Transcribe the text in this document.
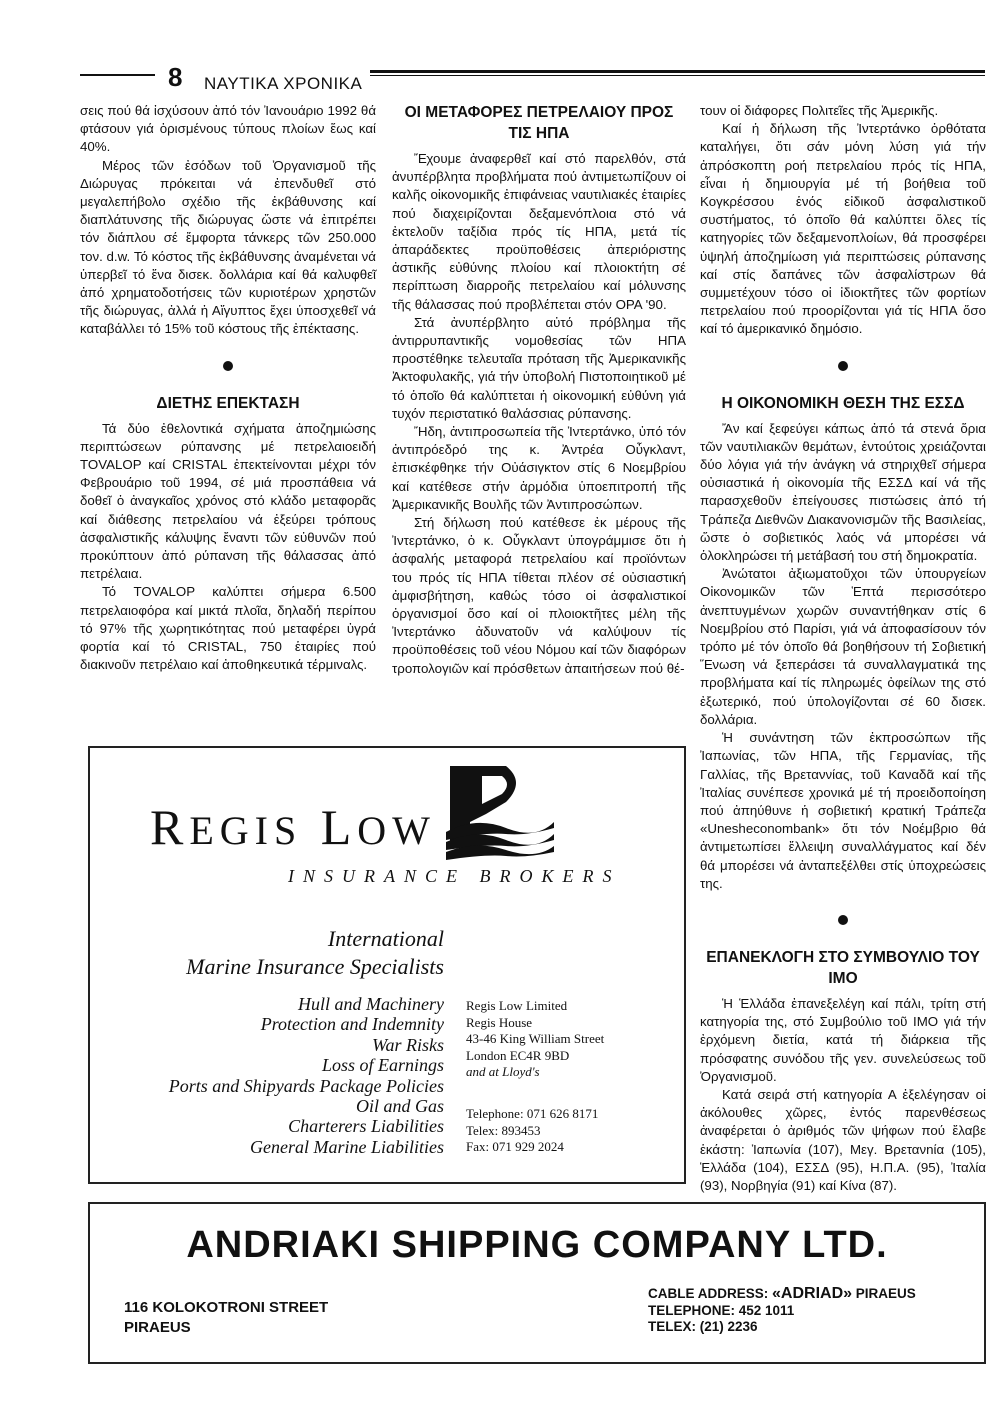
8 ΝΑΥΤΙΚΑ ΧΡΟΝΙΚΑ

σεις πού θά ἰσχύσουν ἀπό τόν Ἰανουάριο 1992 θά φτάσουν γιά ὁρισμένους τύπους πλοίων ἕως καί 40%.

Μέρος τῶν ἐσόδων τοῦ Ὀργανισμοῦ τῆς Διώρυγας πρόκειται νά ἐπενδυθεῖ στό μεγαλεπήβολο σχέδιο τῆς ἐκβάθυνσης καί διαπλάτυνσης τῆς διώρυγας ὥστε νά ἐπιτρέπει τόν διάπλου σέ ἔμφορτα τάνκερς τῶν 250.000 τον. d.w. Τό κόστος τῆς ἐκβάθυνσης ἀναμένεται νά ὑπερβεῖ τό ἕνα δισεκ. δολλάρια καί θά καλυφθεῖ ἀπό χρηματοδοτήσεις τῶν κυριοτέρων χρηστῶν τῆς διώρυγας, ἀλλά ἡ Αἴγυπτος ἔχει ὑποσχεθεῖ νά καταβάλλει τό 15% τοῦ κόστους τῆς ἐπέκτασης.

ΔΙΕΤΗΣ ΕΠΕΚΤΑΣΗ

Τά δύο ἐθελοντικά σχήματα ἀποζημιώσης περιπτώσεων ρύπανσης μέ πετρελαιοειδή TOVALOP καί CRISTAL ἐπεκτείνονται μέχρι τόν Φεβρουάριο τοῦ 1994, σέ μιά προσπάθεια νά δοθεῖ ὁ ἀναγκαῖος χρόνος στό κλάδο μεταφορᾶς καί διάθεσης πετρελαίου νά ἐξεύρει τρόπους ἀσφαλιστικῆς κάλυψης ἔναντι τῶν εὐθυνῶν πού προκύπτουν ἀπό ρύπανση τῆς θάλασσας ἀπό πετρέλαια.

Τό TOVALOP καλύπτει σήμερα 6.500 πετρελαιοφόρα καί μικτά πλοῖα, δηλαδή περίπου τό 97% τῆς χωρητικότητας πού μεταφέρει ὑγρά φορτία καί τό CRISTAL, 750 ἑταιρίες πού διακινοῦν πετρέλαιο καί ἀποθηκευτικά τέρμιναλς.

ΟΙ ΜΕΤΑΦΟΡΕΣ ΠΕΤΡΕΛΑΙΟΥ ΠΡΟΣ ΤΙΣ ΗΠΑ

Ἔχουμε ἀναφερθεῖ καί στό παρελθόν, στά ἀνυπέρβλητα προβλήματα πού ἀντιμετωπίζουν οἱ καλῆς οἰκονομικῆς ἐπιφάνειας ναυτιλιακές ἑταιρίες πού διαχειρίζονται δεξαμενόπλοια στό νά ἐκτελοῦν ταξίδια πρός τίς ΗΠΑ, μετά τίς ἀπαράδεκτες προϋποθέσεις ἀπεριόριστης ἀστικῆς εὐθύνης πλοίου καί πλοιοκτήτη σέ περίπτωση διαρροῆς πετρελαίου καί μόλυνσης τῆς θάλασσας πού προβλέπεται στόν ΟΡΑ '90.

Στά ἀνυπέρβλητο αὐτό πρόβλημα τῆς ἀντιρρυπαντικῆς νομοθεσίας τῶν ΗΠΑ προστέθηκε τελευταῖα πρόταση τῆς Ἀμερικανικῆς Ἀκτοφυλακῆς, γιά τήν ὑποβολή Πιστοποιητικοῦ μέ τό ὁποῖο θά καλύπτεται ἡ οἰκονομική εὐθύνη γιά τυχόν περιστατικό θαλάσσιας ρύπανσης.

Ἤδη, ἀντιπροσωπεία τῆς Ἰντερτάνκο, ὑπό τόν ἀντιπρόεδρό της κ. Ἀντρέα Οὖγκλαντ, ἐπισκέφθηκε τήν Οὐάσιγκτον στίς 6 Νοεμβρίου καί κατέθεσε στήν ἁρμόδια ὑποεπιτροπή τῆς Ἀμερικανικῆς Βουλῆς τῶν Ἀντιπροσώπων.

Στή δήλωση πού κατέθεσε ἐκ μέρους τῆς Ἰντερτάνκο, ὁ κ. Οὖγκλαντ ὑπογράμμισε ὅτι ἡ ἀσφαλής μεταφορά πετρελαίου καί προϊόντων του πρός τίς ΗΠΑ τίθεται πλέον σέ οὐσιαστική ἀμφισβήτηση, καθώς τόσο οἱ ἀσφαλιστικοί ὀργανισμοί ὅσο καί οἱ πλοιοκτῆτες μέλη τῆς Ἰντερτάνκο ἀδυνατοῦν νά καλύψουν τίς προϋποθέσεις τοῦ νέου Νόμου καί τῶν διαφόρων τροπολογιῶν καί πρόσθετων ἀπαιτήσεων πού θέ-

τουν οἱ διάφορες Πολιτεῖες τῆς Ἀμερικῆς.

Καί ἡ δήλωση τῆς Ἰντερτάνκο ὀρθότατα καταλήγει, ὅτι σάν μόνη λύση γιά τήν ἀπρόσκοπτη ροή πετρελαίου πρός τίς ΗΠΑ, εἶναι ἡ δημιουργία μέ τή βοήθεια τοῦ Κογκρέσσου ἑνός εἰδικοῦ ἀσφαλιστικοῦ συστήματος, τό ὁποῖο θά καλύπτει ὅλες τίς κατηγορίες τῶν δεξαμενοπλοίων, θά προσφέρει ὑψηλή ἀποζημίωση γιά περιπτώσεις ρύπανσης καί στίς δαπάνες τῶν ἀσφαλίστρων θά συμμετέχουν τόσο οἱ ἰδιοκτῆτες τῶν φορτίων πετρελαίου πού προορίζονται γιά τίς ΗΠΑ ὅσο καί τό ἀμερικανικό δημόσιο.

Η ΟΙΚΟΝΟΜΙΚΗ ΘΕΣΗ ΤΗΣ ΕΣΣΔ

Ἄν καί ξεφεύγει κάπως ἀπό τά στενά ὅρια τῶν ναυτιλιακῶν θεμάτων, ἐντούτοις χρειάζονται δύο λόγια γιά τήν ἀνάγκη νά στηριχθεῖ σήμερα οὐσιαστικά ἡ οἰκονομία τῆς ΕΣΣΔ καί νά τῆς παρασχεθοῦν ἐπείγουσες πιστώσεις ἀπό τή Τράπεζα Διεθνῶν Διακανονισμῶν τῆς Βασιλείας, ὥστε ὁ σοβιετικός λαός νά μπορέσει νά ὁλοκληρώσει τή μετάβασή του στή δημοκρατία.

Ἀνώτατοι ἀξιωματοῦχοι τῶν ὑπουργείων Οἰκονομικῶν τῶν Ἑπτά περισσότερο ἀνεπτυγμένων χωρῶν συναντήθηκαν στίς 6 Νοεμβρίου στό Παρίσι, γιά νά ἀποφασίσουν τόν τρόπο μέ τόν ὁποῖο θά βοηθήσουν τή Σοβιετική Ἕνωση νά ξεπεράσει τά συναλλαγματικά της προβλήματα καί τίς πληρωμές ὀφείλων της στό ἐξωτερικό, πού ὑπολογίζονται σέ 60 δισεκ. δολλάρια.

Ἡ συνάντηση τῶν ἐκπροσώπων τῆς Ἰαπωνίας, τῶν ΗΠΑ, τῆς Γερμανίας, τῆς Γαλλίας, τῆς Βρεταννίας, τοῦ Καναδᾶ καί τῆς Ἰταλίας συνέπεσε χρονικά μέ τή προειδοποίηση πού ἀπηύθυνε ἡ σοβιετική κρατική Τράπεζα «Unesheconombank» ὅτι τόν Νοέμβριο θά ἀντιμετωπίσει ἔλλειψη συναλλάγματος καί δέν θά μπορέσει νά ἀνταπεξέλθει στίς ὑποχρεώσεις της.

ΕΠΑΝΕΚΛΟΓΗ ΣΤΟ ΣΥΜΒΟΥΛΙΟ ΤΟΥ ΙΜΟ

Ἡ Ἑλλάδα ἐπανεξελέγη καί πάλι, τρίτη στή κατηγορία της, στό Συμβούλιο τοῦ ΙΜΟ γιά τήν ἐρχόμενη διετία, κατά τή διάρκεια τῆς πρόσφατης συνόδου τῆς γεν. συνελεύσεως τοῦ Ὀργανισμοῦ.

Κατά σειρά στή κατηγορία Α ἐξελέγησαν οἱ ἀκόλουθες χῶρες, ἐντός παρενθέσεως ἀναφέρεται ὁ ἀριθμός τῶν ψήφων πού ἔλαβε ἑκάστη: Ἰαπωνία (107), Μεγ. Βρετανnία (105), Ἑλλάδα (104), ΕΣΣΔ (95), Η.Π.Α. (95), Ἰταλία (93), Νορβηγία (91) καί Κίνα (87).

REGIS LOW
INSURANCE BROKERS
International
Marine Insurance Specialists
Hull and Machinery
Protection and Indemnity
War Risks
Loss of Earnings
Ports and Shipyards Package Policies
Oil and Gas
Charterers Liabilities
General Marine Liabilities
Regis Low Limited
Regis House
43-46 King William Street
London EC4R 9BD
and at Lloyd's
Telephone: 071 626 8171
Telex: 893453
Fax: 071 929 2024
ANDRIAKI SHIPPING COMPANY LTD.
116 KOLOKOTRONI STREET
PIRAEUS
CABLE ADDRESS: «ADRIAD» PIRAEUS
TELEPHONE: 452 1011
TELEX: (21) 2236
